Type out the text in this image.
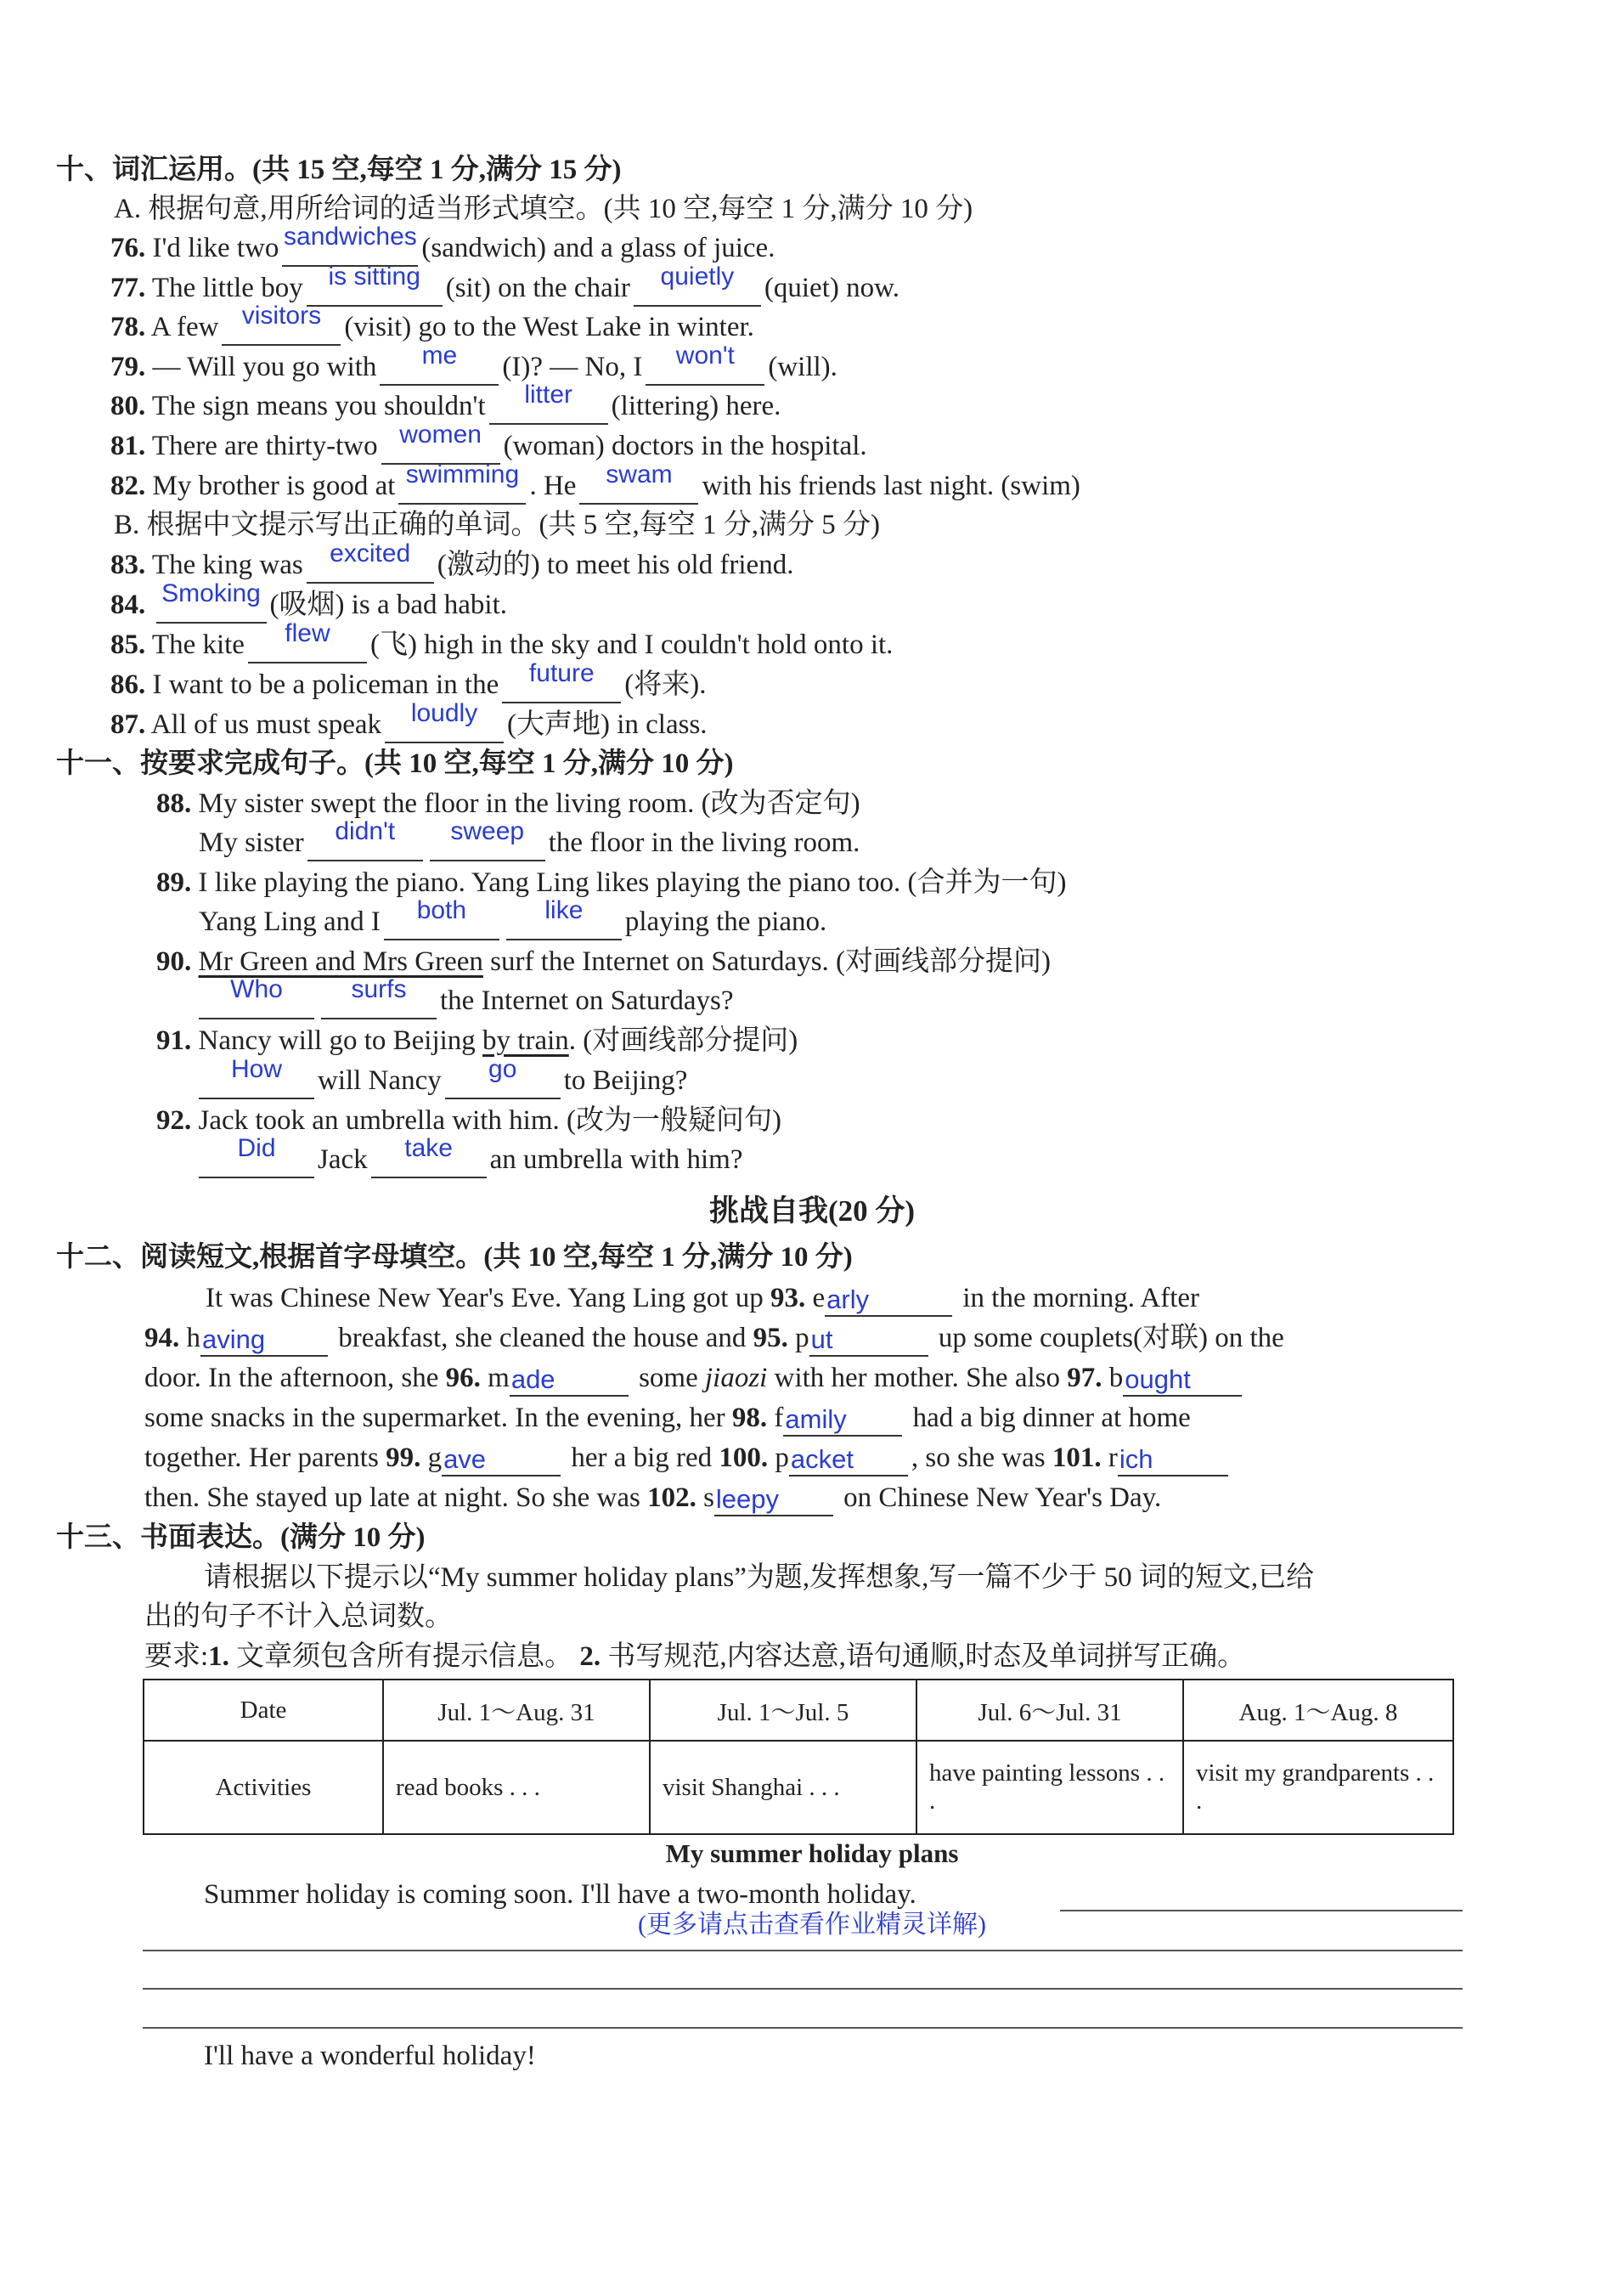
十、词汇运用。(共 15 空,每空 1 分,满分 15 分)
A. 根据句意,用所给词的适当形式填空。(共 10 空,每空 1 分,满分 10 分)
76. I'd like two sandwiches (sandwich) and a glass of juice.
77. The little boy is sitting (sit) on the chair	quietly	(quiet) now.
78. A few visitors (visit) go to the West Lake in winter.
79. — Will you go with	me	(I)? — No, I	won't	(will).
80. The sign means you shouldn't	litter	(littering) here.
81. There are thirty-two women (woman) doctors in the hospital.
82. My brother is good at swimming . He	swam	with his friends last night. (swim)
B. 根据中文提示写出正确的单词。(共 5 空,每空 1 分,满分 5 分)
83. The king was	excited (激动的) to meet his old friend.
84. Smoking (吸烟) is a bad habit.
85. The kite	flew	(飞) high in the sky and I couldn't hold onto it.
86. I want to be a policeman in the	future	(将来).
87. All of us must speak	loudly	(大声地) in class.
十一、按要求完成句子。(共 10 空,每空 1 分,满分 10 分)
88. My sister swept the floor in the living room. (改为否定句)
My sister	didn't	sweep the floor in the living room.
89. I like playing the piano. Yang Ling likes playing the piano too. (合并为一句)
Yang Ling and I	both	like	playing the piano.
90. Mr Green and Mrs Green surf the Internet on Saturdays. (对画线部分提问)
Who	surfs	the Internet on Saturdays?
91. Nancy will go to Beijing by train. (对画线部分提问)
How	will Nancy	go	to Beijing?
92. Jack took an umbrella with him. (改为一般疑问句)
Did	Jack	take	an umbrella with him?
挑战自我(20 分)
十二、阅读短文,根据首字母填空。(共 10 空,每空 1 分,满分 10 分)
It was Chinese New Year's Eve. Yang Ling got up 93. e arly	in the morning. After
94. h aving	breakfast, she cleaned the house and 95. p ut	up some couplets(对联) on the
door. In the afternoon, she 96. m ade	some jiaozi with her mother. She also 97. b ought
some snacks in the supermarket. In the evening, her 98. f amily had a big dinner at home
together. Her parents 99. g ave	her a big red 100. p acket , so she was 101. r ich
then. She stayed up late at night. So she was 102. s leepy on Chinese New Year's Day.
十三、书面表达。(满分 10 分)
请根据以下提示以“My summer holiday plans”为题,发挥想象,写一篇不少于 50 词的短文,已给
出的句子不计入总词数。
要求:1. 文章须包含所有提示信息。 2. 书写规范,内容达意,语句通顺,时态及单词拼写正确。
Date	Jul. 1～Aug. 31	Jul. 1～Jul. 5	Jul. 6～Jul. 31	Aug. 1～Aug. 8
Activities	read books . . .	visit Shanghai . . .	have painting lessons . . .	visit my grandparents . . .
My summer holiday plans
Summer holiday is coming soon. I'll have a two-month holiday.
(更多请点击查看作业精灵详解)
I'll have a wonderful holiday!
